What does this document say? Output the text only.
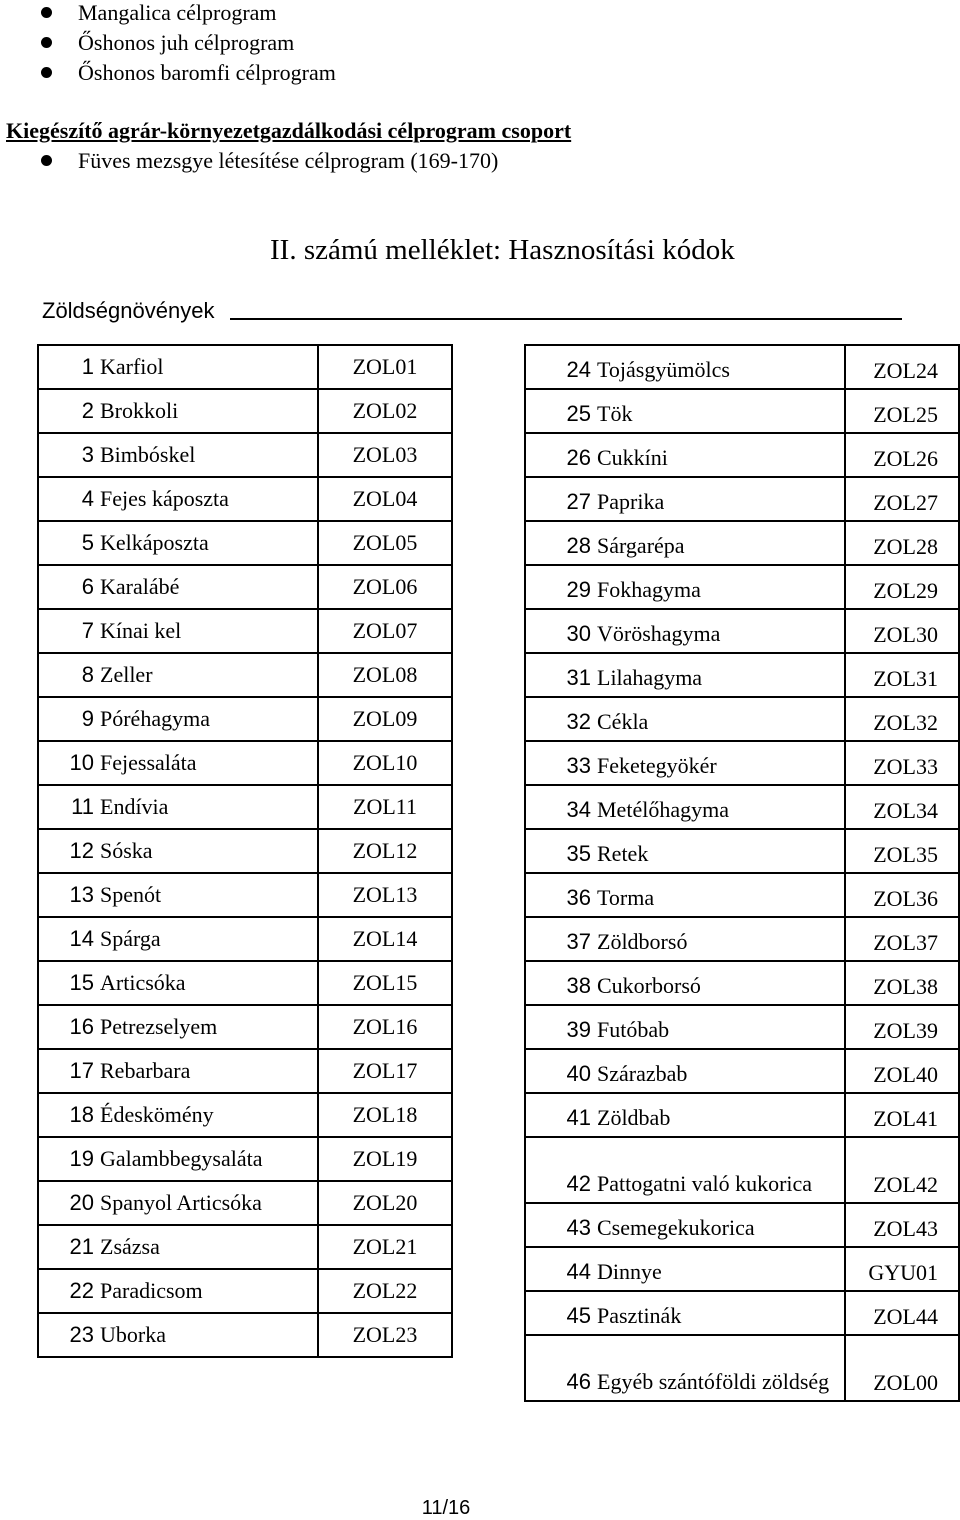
Mangalica célprogram
Őshonos juh célprogram
Őshonos baromfi célprogram
Kiegészítő agrár-környezetgazdálkodási célprogram csoport
Füves mezsgye létesítése célprogram (169-170)
II. számú melléklet: Hasznosítási kódok
Zöldségnövények
1	Karfiol	ZOL01
2	Brokkoli	ZOL02
3	Bimbóskel	ZOL03
4	Fejes káposzta	ZOL04
5	Kelkáposzta	ZOL05
6	Karalábé	ZOL06
7	Kínai kel	ZOL07
8	Zeller	ZOL08
9	Póréhagyma	ZOL09
10	Fejessaláta	ZOL10
11	Endívia	ZOL11
12	Sóska	ZOL12
13	Spenót	ZOL13
14	Spárga	ZOL14
15	Articsóka	ZOL15
16	Petrezselyem	ZOL16
17	Rebarbara	ZOL17
18	Édeskömény	ZOL18
19	Galambbegysaláta	ZOL19
20	Spanyol Articsóka	ZOL20
21	Zsázsa	ZOL21
22	Paradicsom	ZOL22
23	Uborka	ZOL23
24	Tojásgyümölcs	ZOL24
25	Tök	ZOL25
26	Cukkíni	ZOL26
27	Paprika	ZOL27
28	Sárgarépa	ZOL28
29	Fokhagyma	ZOL29
30	Vöröshagyma	ZOL30
31	Lilahagyma	ZOL31
32	Cékla	ZOL32
33	Feketegyökér	ZOL33
34	Metélőhagyma	ZOL34
35	Retek	ZOL35
36	Torma	ZOL36
37	Zöldborsó	ZOL37
38	Cukorborsó	ZOL38
39	Futóbab	ZOL39
40	Szárazbab	ZOL40
41	Zöldbab	ZOL41
42	Pattogatni való kukorica	ZOL42
43	Csemegekukorica	ZOL43
44	Dinnye	GYU01
45	Pasztinák	ZOL44
46	Egyéb szántóföldi zöldség	ZOL00
11/16
